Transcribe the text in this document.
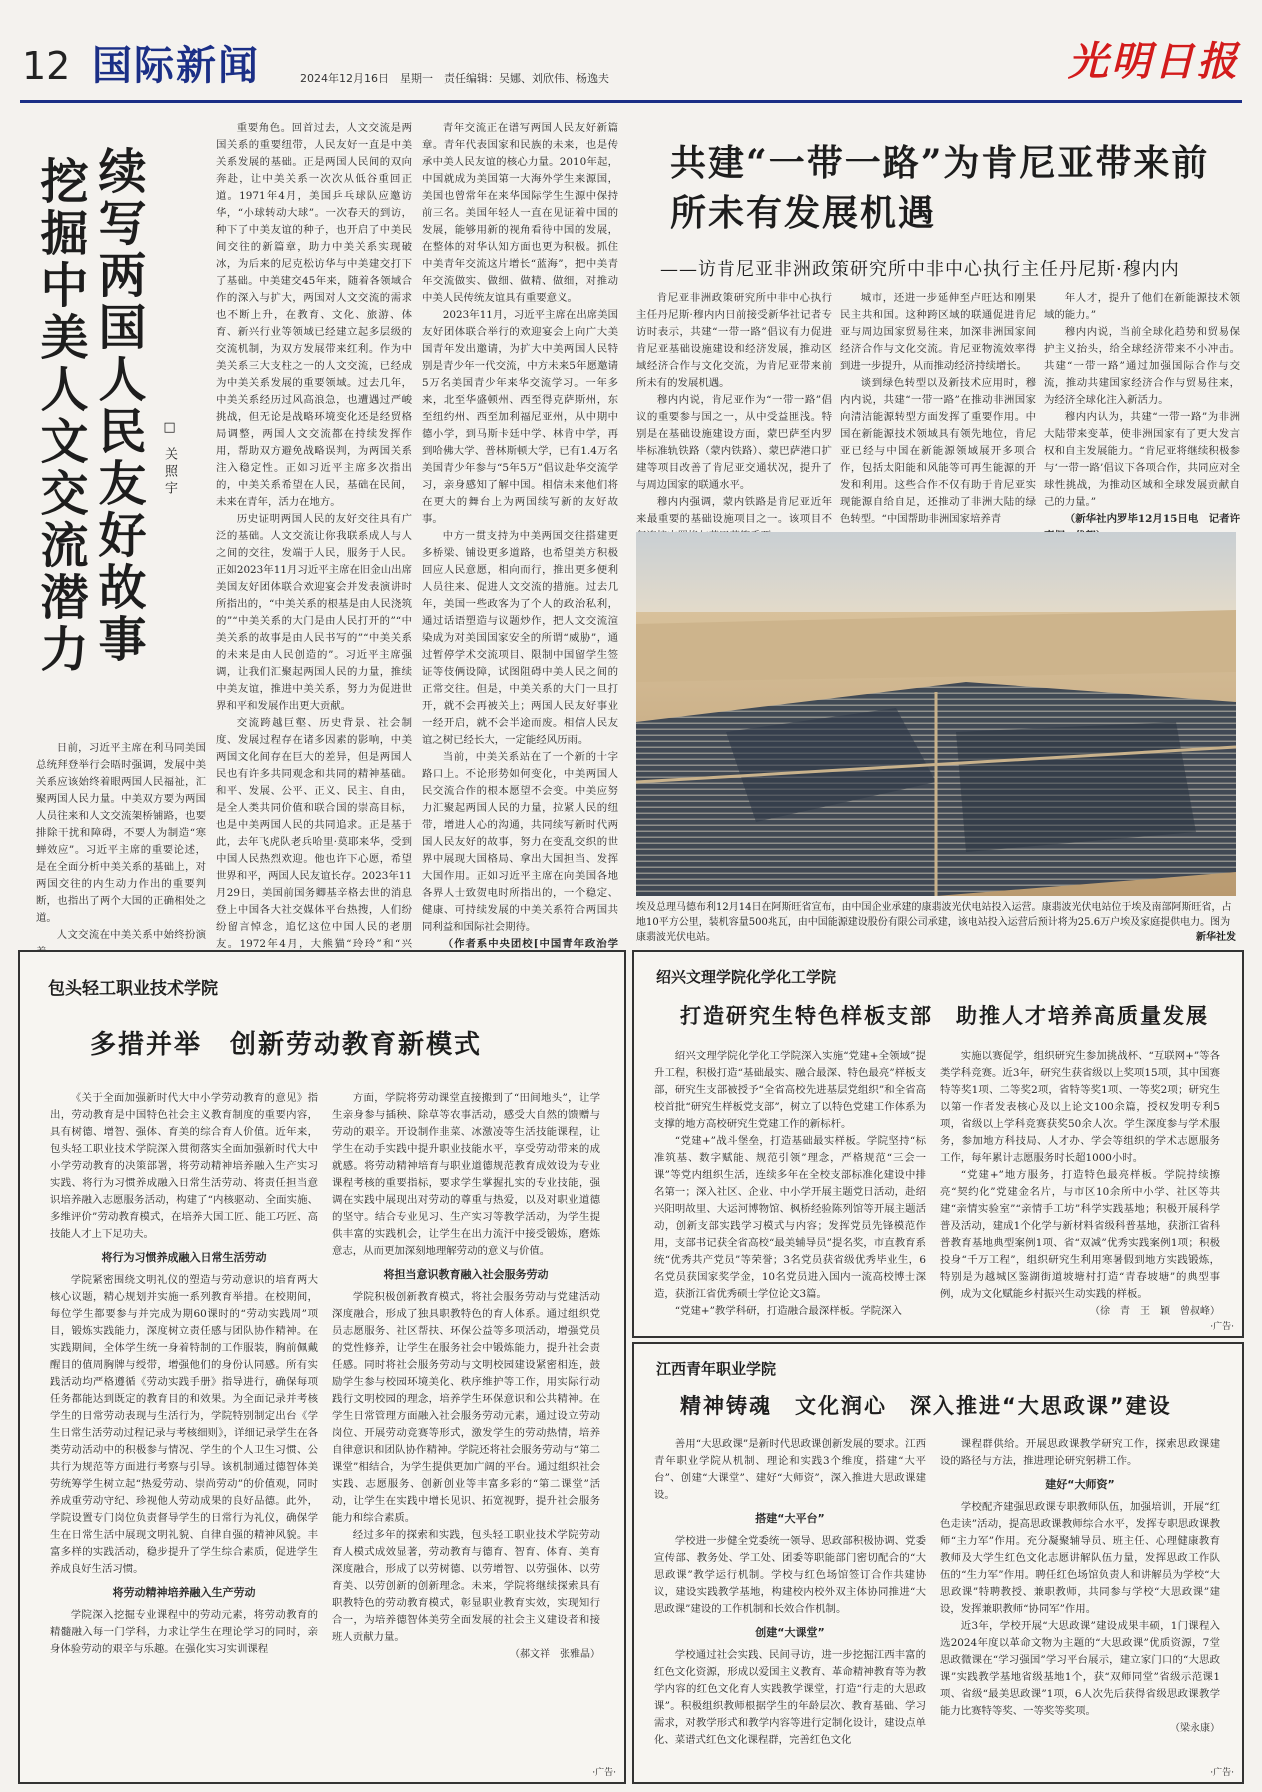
12 国际新闻	2024年12月16日　星期一　责任编辑：吴娜、刘欣伟、杨逸夫	光明日报
续写两国人民友好故事
挖掘中美人文交流潜力	□ 关照宇

日前，习近平主席在利马同美国总统拜登举行会晤时强调，发展中美关系应该始终着眼两国人民福祉，汇聚两国人民力量。中美双方要为两国人员往来和人文交流架桥铺路，也要排除干扰和障碍，不要人为制造“寒蝉效应”。习近平主席的重要论述，是在全面分析中美关系的基础上，对两国交往的内生动力作出的重要判断，也指出了两个大国的正确相处之道。

人文交流在中美关系中始终扮演

重要角色。回首过去，人文交流是两国关系的重要纽带，人民友好一直是中美关系发展的基础。正是两国人民间的双向奔赴，让中美关系一次次从低谷重回正道。1971年4月，美国乒乓球队应邀访华，“小球转动大球”。一次春天的到访，种下了中美友谊的种子，也开启了中美民间交往的新篇章，助力中美关系实现破冰，为后来的尼克松访华与中美建交打下了基础。中美建交45年来，随着各领域合作的深入与扩大，两国对人文交流的需求也不断上升，在教育、文化、旅游、体育、新兴行业等领域已经建立起多层级的交流机制，为双方发展带来红利。作为中美关系三大支柱之一的人文交流，已经成为中美关系发展的重要领域。过去几年，中美关系经历过风高浪急，也遭遇过严峻挑战，但无论是战略环境变化还是经贸格局调整，两国人文交流都在持续发挥作用，帮助双方避免战略误判，为两国关系注入稳定性。正如习近平主席多次指出的，中美关系希望在人民，基础在民间，未来在青年，活力在地方。

历史证明两国人民的友好交往具有广泛的基础。人文交流让你我联系成人与人之间的交往，发端于人民，服务于人民。正如2023年11月习近平主席在旧金山出席美国友好团体联合欢迎宴会并发表演讲时所指出的，“中美关系的根基是由人民浇筑的”“中美关系的大门是由人民打开的”“中美关系的故事是由人民书写的”“中美关系的未来是由人民创造的”。习近平主席强调，让我们汇聚起两国人民的力量，推续中美友谊，推进中美关系，努力为促进世界和平和发展作出更大贡献。

交流跨越巨壑、历史背景、社会制度、发展过程存在诸多因素的影响，中美两国文化间存在巨大的差异，但是两国人民也有许多共同观念和共同的精神基础。和平、发展、公平、正义、民主、自由，是全人类共同价值和联合国的崇高目标，也是中美两国人民的共同追求。正是基于此，去年飞虎队老兵哈里·莫耶来华，受到中国人民热烈欢迎。他也许下心愿，希望世界和平，两国人民友谊长存。2023年11月29日，美国前国务卿基辛格去世的消息登上中国各大社交媒体平台热搜，人们纷纷留言悼念，追忆这位中国人民的老朋友。1972年4月，大熊猫“玲玲”和“兴

青年交流正在谱写两国人民友好新篇章。青年代表国家和民族的未来，也是传承中美人民友谊的核心力量。2010年起，中国就成为美国第一大海外学生来源国，美国也曾常年在来华国际学生生源中保持前三名。美国年轻人一直在见证着中国的发展，能够用新的视角看待中国的发展，在整体的对华认知方面也更为积极。抓住中美青年交流这片增长“蓝海”，把中美青年交流做实、做细、做精、做细，对推动中美人民传统友谊具有重要意义。

2023年11月，习近平主席在出席美国友好团体联合举行的欢迎宴会上向广大美国青年发出邀请，为扩大中美两国人民特别是青少年一代交流，中方未来5年愿邀请5万名美国青少年来华交流学习。一年多来，北至华盛顿州、西至得克萨斯州，东至纽约州、西至加利福尼亚州，从中期中德小学，到马斯卡廷中学、林肯中学，再到哈佛大学、普林斯顿大学，已有1.4万名美国青少年参与“5年5万”倡议赴华交流学习，亲身感知了解中国。相信未来他们将在更大的舞台上为两国续写新的友好故事。

中方一贯支持为中美两国交往搭建更多桥梁、铺设更多道路，也希望美方积极回应人民意愿，相向而行，推出更多便利人员往来、促进人文交流的措施。过去几年，美国一些政客为了个人的政治私利，通过话语塑造与议题炒作，把人文交流渲染成为对美国国家安全的所谓“威胁”，通过暂停学术交流项目、限制中国留学生签证等伎俩设障，试图阻碍中美人民之间的正常交往。但是，中美关系的大门一旦打开，就不会再被关上；两国人民友好事业一经开启，就不会半途而废。相信人民友谊之树已经长大，一定能经风历雨。

当前，中美关系站在了一个新的十字路口上。不论形势如何变化，中美两国人民交流合作的根本愿望不会变。中美应努力汇聚起两国人民的力量，拉紧人民的纽带，增进人心的沟通，共同续写新时代两国人民友好的故事，努力在变乱交织的世界中展现大国格局、拿出大国担当、发挥大国作用。正如习近平主席在向美国各地各界人士致贺电时所指出的，一个稳定、健康、可持续发展的中美关系符合两国共同利益和国际社会期待。

（作者系中央团校[中国青年政治学

共建“一带一路”为肯尼亚带来前所未有发展机遇
——访肯尼亚非洲政策研究所中非中心执行主任丹尼斯·穆内内

肯尼亚非洲政策研究所中非中心执行主任丹尼斯·穆内内日前接受新华社记者专访时表示，共建“一带一路”倡议有力促进肯尼亚基础设施建设和经济发展，推动区域经济合作与文化交流，为肯尼亚带来前所未有的发展机遇。

穆内内说，肯尼亚作为“一带一路”倡议的重要参与国之一，从中受益匪浅。特别是在基础设施建设方面，蒙巴萨至内罗毕标准轨铁路（蒙内铁路）、蒙巴萨港口扩建等项目改善了肯尼亚交通状况，提升了与周边国家的联通水平。

穆内内强调，蒙内铁路是肯尼亚近年来最重要的基础设施项目之一。该项目不

城市，还进一步延伸至卢旺达和刚果民主共和国。这种跨区域的联通促进肯尼亚与周边国家贸易往来，加深非洲国家间经济合作与文化交流。肯尼亚物流效率得到进一步提升，从而推动经济持续增长。

谈到绿色转型以及新技术应用时，穆内内说，共建“一带一路”在推动非洲国家向清洁能源转型方面发挥了重要作用。中国在新能源技术领域具有领先地位，肯尼亚已经与中国在新能源领域展开多项合作，包括太阳能和风能等可再生能源的开发和利用。这些合作不仅有助于肯尼亚实现能源自给自足，还推动了非洲大陆的绿色转型。“中国帮助非洲国家培养青

年人才，提升了他们在新能源技术领域的能力。”

穆内内说，当前全球化趋势和贸易保护主义抬头，给全球经济带来不小冲击。共建“一带一路”通过加强国际合作与交流，推动共建国家经济合作与贸易往来，为经济全球化注入新活力。

穆内内认为，共建“一带一路”为非洲大陆带来变革，使非洲国家有了更大发言权和自主发展能力。“肯尼亚将继续积极参与‘一带一路’倡议下各项合作，共同应对全球性挑战，为推动区域和全球发展贡献自己的力量。”

（新华社内罗毕12月15日电　记者许

埃及总理马德布利12月14日在阿斯旺省宣布，由中国企业承建的康翡波光伏电站投入运营。康翡波光伏电站位于埃及南部阿斯旺省，占地10平方公里，装机容量500兆瓦，由中国能源建设股份有限公司承建，该电站投入运营后预计将为25.6万户埃及家庭提供电力。图为康翡波光伏电站。	新华社发
包头轻工职业技术学院
多措并举　创新劳动教育新模式

《关于全面加强新时代大中小学劳动教育的意见》指出，劳动教育是中国特色社会主义教育制度的重要内容，具有树德、增智、强体、育美的综合育人价值。近年来，包头轻工职业技术学院深入贯彻落实全面加强新时代大中小学劳动教育的决策部署，将劳动精神培养融入生产实习实践、将行为习惯养成融入日常生活劳动、将责任担当意识培养融入志愿服务活动，构建了“内核驱动、全面实施、多维评价”劳动教育模式，在培养大国工匠、能工巧匠、高技能人才上下足功夫。

将行为习惯养成融入日常生活劳动

学院紧密围绕文明礼仪的塑造与劳动意识的培育两大核心议题，精心规划并实施一系列教育举措。在校期间，每位学生都要参与并完成为期60课时的“劳动实践周”项目，锻炼实践能力，深度树立责任感与团队协作精神。在实践期间，全体学生统一身着特制的工作服装，胸前佩戴醒目的值周胸牌与绶带，增强他们的身份认同感。所有实践活动均严格遵循《劳动实践手册》指导进行，确保每项任务都能达到既定的教育目的和效果。为全面记录并考核学生的日常劳动表现与生活行为，学院特别制定出台《学生日常生活劳动过程记录与考核细则》，详细记录学生在各类劳动活动中的积极参与情况、学生的个人卫生习惯、公共行为规范等方面进行考察与引导。该机制通过德智体美劳统筹学生树立起“热爱劳动、崇尚劳动”的价值观，同时养成重劳动守纪、珍视他人劳动成果的良好品德。此外，学院设置专门岗位负责督导学生的日常行为礼仪，确保学生在日常生活中展现文明礼貌、自律自强的精神风貌。丰富多样的实践活动，稳步提升了学生综合素质，促进学生养成良好生活习惯。

将劳动精神培养融入生产劳动

学院深入挖掘专业课程中的劳动元素，将劳动教育的精髓融入每一门学科，力求让学生在理论学习的同时，亲身体验劳动的艰辛与乐趣。在强化实习实训课程

方面，学院将劳动课堂直接搬到了“田间地头”，让学生亲身参与插秧、除草等农事活动，感受大自然的馈赠与劳动的艰辛。开设制作韭菜、冰激凌等生活技能课程，让学生在动手实践中提升职业技能水平，享受劳动带来的成就感。将劳动精神培育与职业道德规范教育成效设为专业课程考核的重要指标，要求学生掌握扎实的专业技能，强调在实践中展现出对劳动的尊重与热爱，以及对职业道德的坚守。结合专业见习、生产实习等教学活动，为学生提供丰富的实践机会，让学生在出力流汗中接受锻炼，磨炼意志，从而更加深刻地理解劳动的意义与价值。

将担当意识教育融入社会服务劳动

学院积极创新教育模式，将社会服务劳动与党建活动深度融合，形成了独具职教特色的育人体系。通过组织党员志愿服务、社区帮扶、环保公益等多项活动，增强党员的党性修养，让学生在服务社会中锻炼能力，提升社会责任感。同时将社会服务劳动与文明校园建设紧密相连，鼓励学生参与校园环境美化、秩序维护等工作，用实际行动践行文明校园的理念，培养学生环保意识和公共精神。在学生日常管理方面融入社会服务劳动元素，通过设立劳动岗位、开展劳动竞赛等形式，激发学生的劳动热情，培养自律意识和团队协作精神。学院还将社会服务劳动与“第二课堂”相结合，为学生提供更加广阔的平台。通过组织社会实践、志愿服务、创新创业等丰富多彩的“第二课堂”活动，让学生在实践中增长见识、拓宽视野，提升社会服务能力和综合素质。

经过多年的探索和实践，包头轻工职业技术学院劳动育人模式成效显著，劳动教育与德育、智育、体育、美育深度融合，形成了以劳树德、以劳增智、以劳强体、以劳育美、以劳创新的创新理念。未来，学院将继续探索具有职教特色的劳动教育模式，彰显职业教育实效，实现知行合一，为培养德智体美劳全面发展的社会主义建设者和接班人贡献力量。

（郝文祥　张雅晶）
·广告·
绍兴文理学院化学化工学院
打造研究生特色样板支部　助推人才培养高质量发展

绍兴文理学院化学化工学院深入实施“党建+全领域”提升工程，积极打造“基础最实、融合最深、特色最亮”样板支部，研究生支部被授予“全省高校先进基层党组织”和全省高校首批“研究生样板党支部”，树立了以特色党建工作体系为支撑的地方高校研究生党建工作的新标杆。

“党建+”战斗堡垒，打造基础最实样板。学院坚持“标准筑基、数字赋能、规范引领”理念，严格规范“三会一课”等党内组织生活，连续多年在全校支部标准化建设中排名第一；深入社区、企业、中小学开展主题党日活动，赴绍兴阳明故里、大运河博物馆、枫桥经验陈列馆等开展主题活动，创新支部实践学习模式与内容；发挥党员先锋模范作用，支部书记获全省高校“最美辅导员”提名奖，市直教育系统“优秀共产党员”等荣誉；3名党员获省级优秀毕业生，6名党员获国家奖学金，10名党员进入国内一流高校博士深造，获浙江省优秀硕士学位论文3篇。

“党建+”教学科研，打造融合最深样板。学院深入

实施以赛促学，组织研究生参加挑战杯、“互联网+”等各类学科竞赛。近3年，研究生获省级以上奖项15项，其中国赛特等奖1项、二等奖2项，省特等奖1项、一等奖2项；研究生以第一作者发表核心及以上论文100余篇，授权发明专利5项，省级以上学科竞赛获奖50余人次。学生深度参与学术服务，参加地方科技局、人才办、学会等组织的学术志愿服务工作，每年累计志愿服务时长超1000小时。

“党建+”地方服务，打造特色最亮样板。学院持续擦亮“契约化”党建金名片，与市区10余所中小学、社区等共建“亲情实验室”“亲情手工坊”科学实践基地；积极开展科学普及活动，建成1个化学与新材料省级科普基地，获浙江省科普教育基地典型案例1项、省“双减”优秀实践案例1项；积极投身“千万工程”，组织研究生利用寒暑假到地方实践锻炼，特别是为越城区鉴湖街道坡塘村打造“青春坡塘”的典型事例，成为文化赋能乡村振兴生动实践的样板。

（徐　青　王　颖　曾叔峰）
·广告·
江西青年职业学院
精神铸魂　文化润心　深入推进“大思政课”建设

善用“大思政课”是新时代思政课创新发展的要求。江西青年职业学院从机制、理论和实践3个维度，搭建“大平台”、创建“大课堂”、建好“大师资”，深入推进大思政课建设。

搭建“大平台”

学校进一步健全党委统一领导、思政部积极协调、党委宣传部、教务处、学工处、团委等职能部门密切配合的“大思政课”教学运行机制。学校与红色场馆签订合作共建协议，建设实践教学基地，构建校内校外双主体协同推进“大思政课”建设的工作机制和长效合作机制。

创建“大课堂”

学校通过社会实践、民间寻访，进一步挖掘江西丰富的红色文化资源，形成以爱国主义教育、革命精神教育等为教学内容的红色文化育人实践教学课堂，打造“行走的大思政课”。积极组织教师根据学生的年龄层次、教育基础、学习需求，对教学形式和教学内容等进行定制化设计，建设点单化、菜谱式红色文化课程群，完善红色文化

课程群供给。开展思政课教学研究工作，探索思政课建设的路径与方法，推进理论研究躬耕工作。

建好“大师资”

学校配齐建强思政课专职教师队伍，加强培训，开展“红色走读”活动，提高思政课教师综合水平，发挥专职思政课教师“主力军”作用。充分凝聚辅导员、班主任、心理健康教育教师及大学生红色文化志愿讲解队伍力量，发挥思政工作队伍的“生力军”作用。聘任红色场馆负责人和讲解员为学校“大思政课”特聘教授、兼职教师，共同参与学校“大思政课”建设，发挥兼职教师“协同军”作用。

近3年，学校开展“大思政课”建设成果丰硕，1门课程入选2024年度以革命文物为主题的“大思政课”优质资源，7堂思政微课在“学习强国”学习平台展示，建立家门口的“大思政课”实践教学基地省级基地1个，获“双师同堂”省级示范课1项、省级“最美思政课”1项，6人次先后获得省级思政课教学能力比赛特等奖、一等奖等奖项。

（梁永康）
·广告·
